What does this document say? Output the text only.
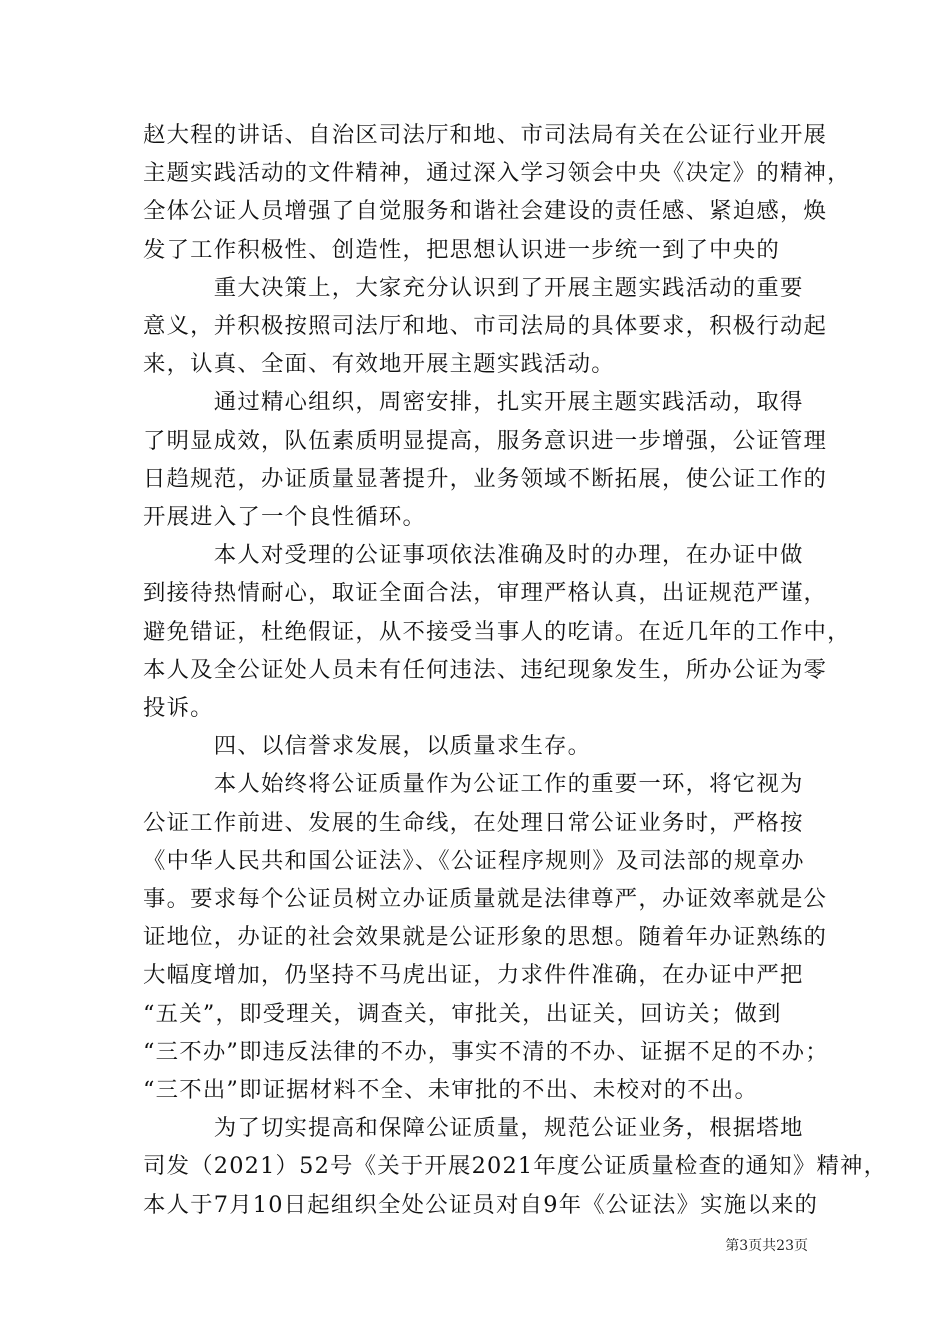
赵大程的讲话、自治区司法厅和地、市司法局有关在公证行业开展
主题实践活动的文件精神，通过深入学习领会中央《决定》的精神，
全体公证人员增强了自觉服务和谐社会建设的责任感、紧迫感，焕
发了工作积极性、创造性，把思想认识进一步统一到了中央的

　　　重大决策上，大家充分认识到了开展主题实践活动的重要
意义，并积极按照司法厅和地、市司法局的具体要求，积极行动起
来，认真、全面、有效地开展主题实践活动。

　　　通过精心组织，周密安排，扎实开展主题实践活动，取得
了明显成效，队伍素质明显提高，服务意识进一步增强，公证管理
日趋规范，办证质量显著提升，业务领域不断拓展，使公证工作的
开展进入了一个良性循环。

　　　本人对受理的公证事项依法准确及时的办理，在办证中做
到接待热情耐心，取证全面合法，审理严格认真，出证规范严谨，
避免错证，杜绝假证，从不接受当事人的吃请。在近几年的工作中，
本人及全公证处人员未有任何违法、违纪现象发生，所办公证为零
投诉。

　　　四、以信誉求发展，以质量求生存。

　　　本人始终将公证质量作为公证工作的重要一环，将它视为
公证工作前进、发展的生命线，在处理日常公证业务时，严格按
《中华人民共和国公证法》、《公证程序规则》及司法部的规章办
事。要求每个公证员树立办证质量就是法律尊严，办证效率就是公
证地位，办证的社会效果就是公证形象的思想。随着年办证熟练的
大幅度增加，仍坚持不马虎出证，力求件件准确，在办证中严把
“五关”，即受理关，调查关，审批关，出证关，回访关；做到
“三不办”即违反法律的不办，事实不清的不办、证据不足的不办；
“三不出”即证据材料不全、未审批的不出、未校对的不出。

　　　为了切实提高和保障公证质量，规范公证业务，根据塔地
司发（2021）52号《关于开展2021年度公证质量检查的通知》精神，
本人于7月10日起组织全处公证员对自9年《公证法》实施以来的

第3页共23页
